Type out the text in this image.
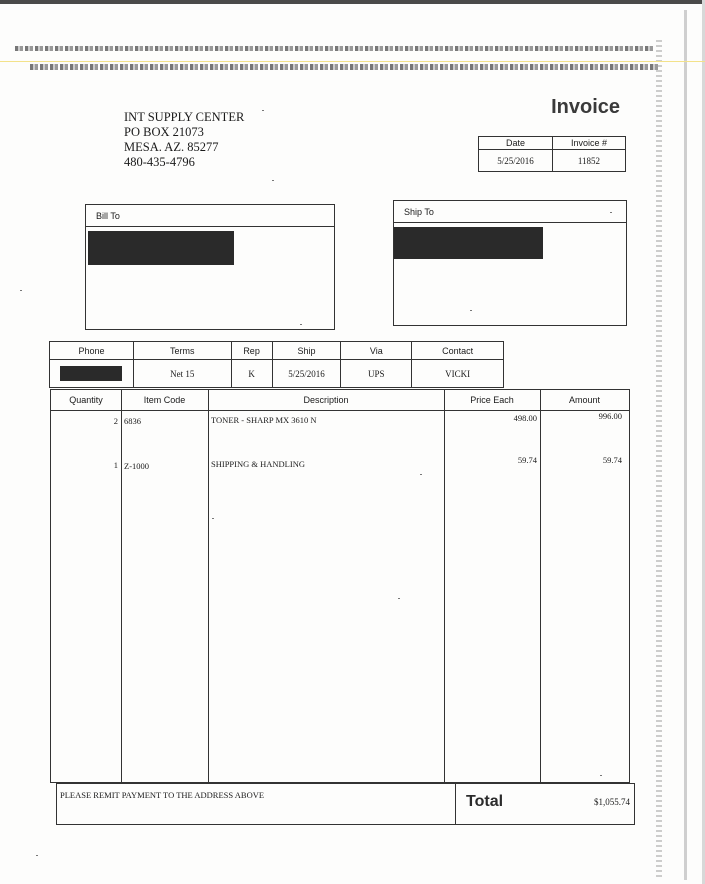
INT SUPPLY CENTER
PO BOX 21073
MESA. AZ. 85277
480-435-4796
Invoice
Date	Invoice #
5/25/2016	11852
Bill To	Ship To
Phone	Terms	Rep	Ship	Via	Contact

	Net 15	K	5/25/2016	UPS	VICKI
Quantity	Item Code	Description	Price Each	Amount
2 6836	TONER - SHARP MX 3610 N	498.00	996.00
1 Z-1000	SHIPPING & HANDLING	59.74	59.74
PLEASE REMIT PAYMENT TO THE ADDRESS ABOVE	Total	$1,055.74
